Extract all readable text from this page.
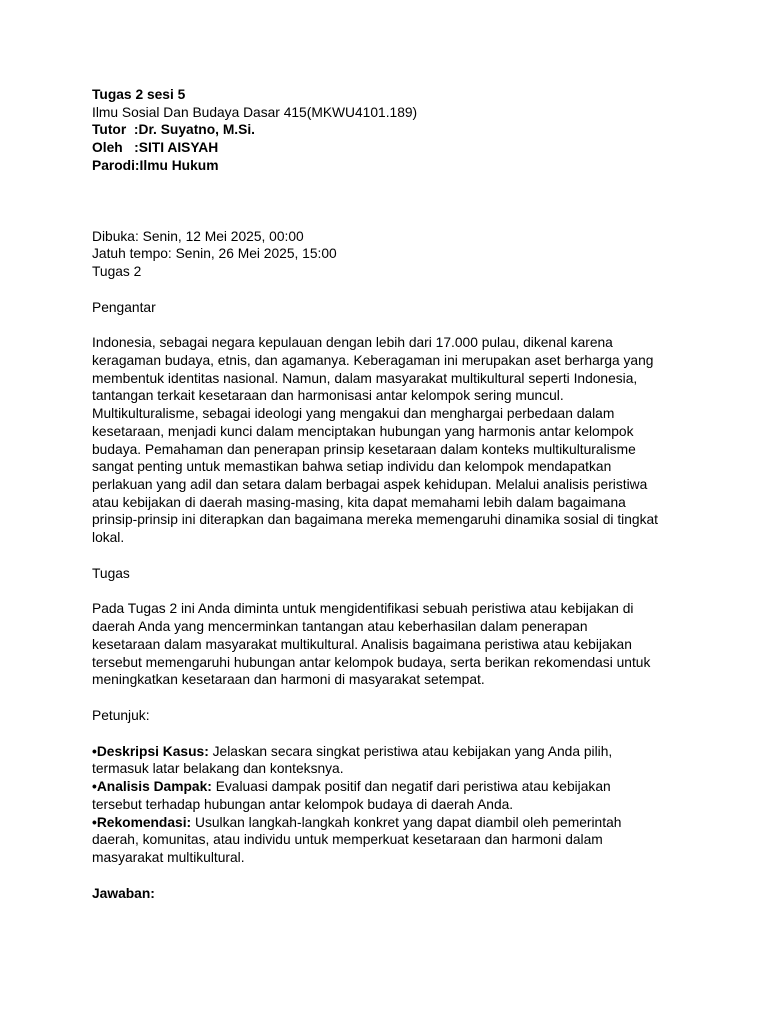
Tugas 2 sesi 5
Ilmu Sosial Dan Budaya Dasar 415(MKWU4101.189)
Tutor  :Dr. Suyatno, M.Si.
Oleh   :SITI AISYAH
Parodi:Ilmu Hukum
Dibuka: Senin, 12 Mei 2025, 00:00
Jatuh tempo: Senin, 26 Mei 2025, 15:00
Tugas 2
Pengantar
Indonesia, sebagai negara kepulauan dengan lebih dari 17.000 pulau, dikenal karena
keragaman budaya, etnis, dan agamanya. Keberagaman ini merupakan aset berharga yang
membentuk identitas nasional. Namun, dalam masyarakat multikultural seperti Indonesia,
tantangan terkait kesetaraan dan harmonisasi antar kelompok sering muncul.
Multikulturalisme, sebagai ideologi yang mengakui dan menghargai perbedaan dalam
kesetaraan, menjadi kunci dalam menciptakan hubungan yang harmonis antar kelompok
budaya. Pemahaman dan penerapan prinsip kesetaraan dalam konteks multikulturalisme
sangat penting untuk memastikan bahwa setiap individu dan kelompok mendapatkan
perlakuan yang adil dan setara dalam berbagai aspek kehidupan. Melalui analisis peristiwa
atau kebijakan di daerah masing-masing, kita dapat memahami lebih dalam bagaimana
prinsip-prinsip ini diterapkan dan bagaimana mereka memengaruhi dinamika sosial di tingkat
lokal.
Tugas
Pada Tugas 2 ini Anda diminta untuk mengidentifikasi sebuah peristiwa atau kebijakan di
daerah Anda yang mencerminkan tantangan atau keberhasilan dalam penerapan
kesetaraan dalam masyarakat multikultural. Analisis bagaimana peristiwa atau kebijakan
tersebut memengaruhi hubungan antar kelompok budaya, serta berikan rekomendasi untuk
meningkatkan kesetaraan dan harmoni di masyarakat setempat.
Petunjuk:
•Deskripsi Kasus: Jelaskan secara singkat peristiwa atau kebijakan yang Anda pilih,
termasuk latar belakang dan konteksnya.
•Analisis Dampak: Evaluasi dampak positif dan negatif dari peristiwa atau kebijakan
tersebut terhadap hubungan antar kelompok budaya di daerah Anda.
•Rekomendasi: Usulkan langkah-langkah konkret yang dapat diambil oleh pemerintah
daerah, komunitas, atau individu untuk memperkuat kesetaraan dan harmoni dalam
masyarakat multikultural.
Jawaban:
